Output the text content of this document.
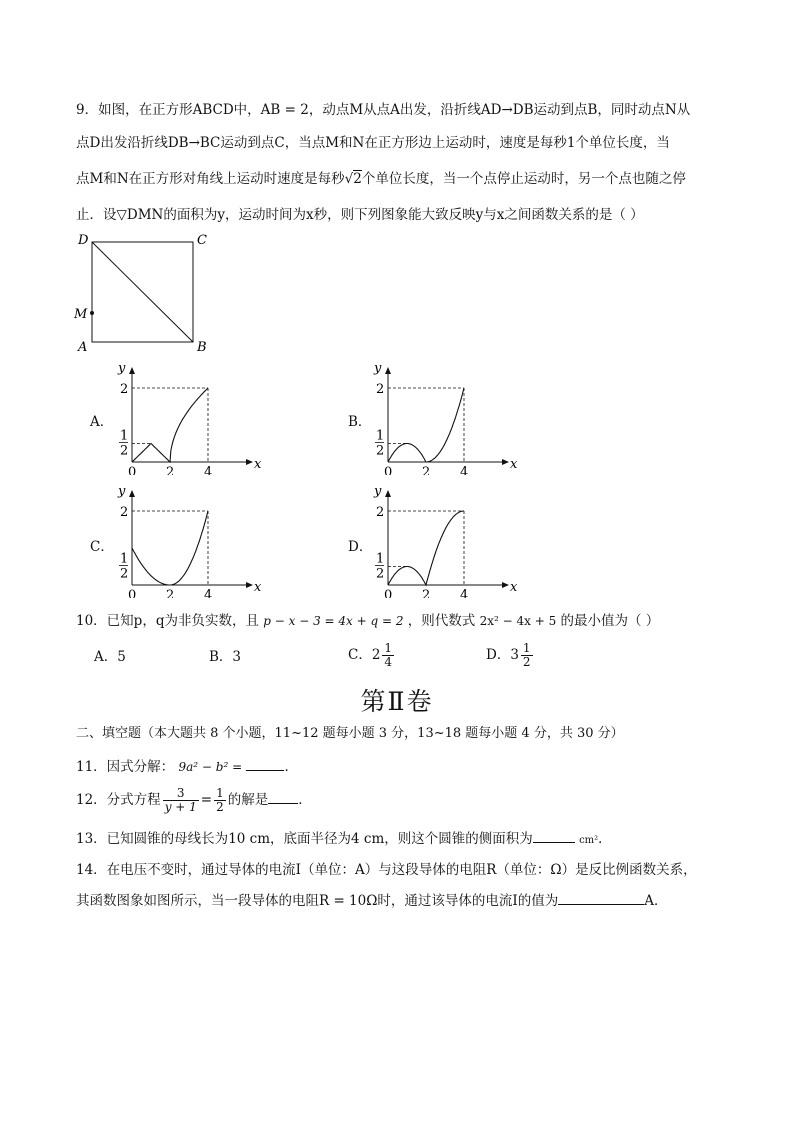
9．如图，在正方形ABCD中，AB = 2，动点M从点A出发，沿折线AD→DB运动到点B，同时动点N从
点D出发沿折线DB→BC运动到点C，当点M和N在正方形边上运动时，速度是每秒1个单位长度，当
点M和N在正方形对角线上运动时速度是每秒√2个单位长度，当一个点停止运动时，另一个点也随之停
止．设▽DMN的面积为y，运动时间为x秒，则下列图象能大致反映y与x之间函数关系的是（ ）
D	C
M
A	B
A．	B．
C．	D．
y
x
2
1
2
0 2 4
y
x
2
1
2
0 2 4
y
x
2
1
2
0 2 4
y
x
2
1
2
0 2 4
10．已知p，q为非负实数，且 p − x − 3 = 4x + q = 2 ，则代数式 2x² − 4x + 5 的最小值为（ ）
A．5	B．3	C．$2 \frac{1}{4}$	D．$3 \frac{1}{2}$
第Ⅱ卷
二、填空题（本大题共 8 个小题，11~12 题每小题 3 分，13~18 题每小题 4 分，共 30 分）
11．因式分解： 9a² − b² =	．
12．分式方程 $\frac{3}{y + 1} = \frac{1}{2}$ 的解是 ．
13．已知圆锥的母线长为10 cm，底面半径为4 cm，则这个圆锥的侧面积为	cm²．
14．在电压不变时，通过导体的电流I（单位：A）与这段导体的电阻R（单位：Ω）是反比例函数关系，
其函数图象如图所示，当一段导体的电阻R = 10Ω时，通过该导体的电流I的值为	A．
